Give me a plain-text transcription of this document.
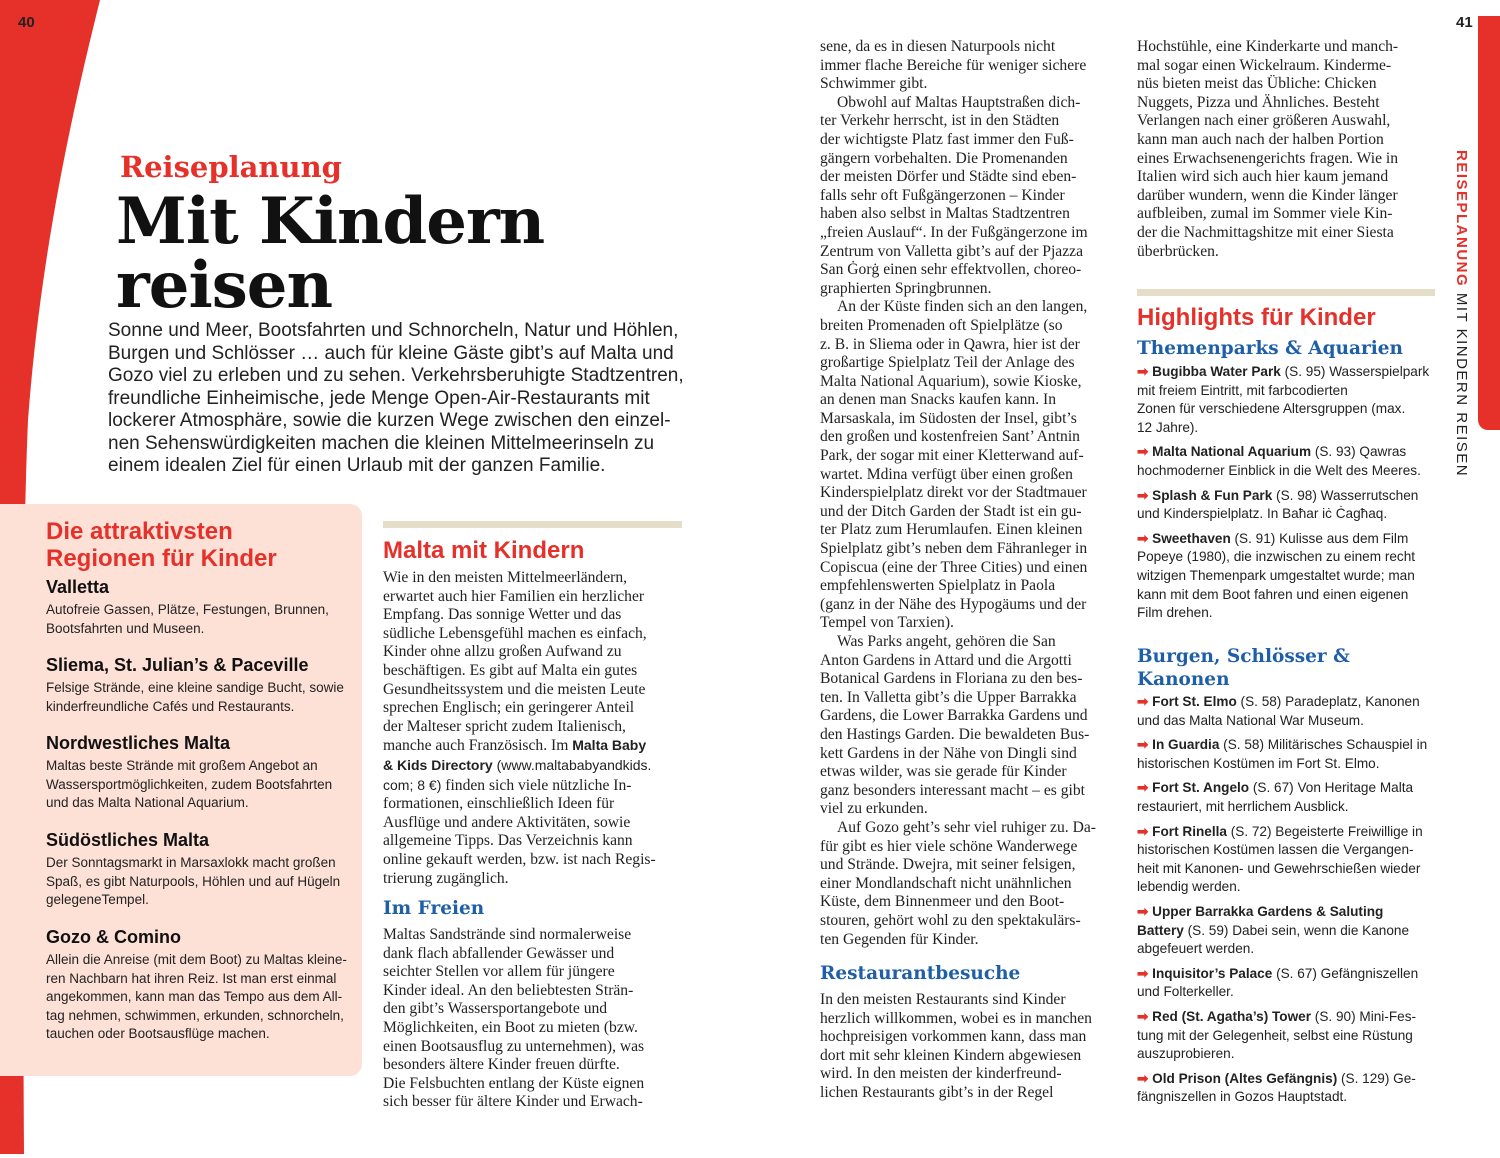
40	41
Reiseplanung
Mit Kindern
reisen
Sonne und Meer, Bootsfahrten und Schnorcheln, Natur und Höhlen,
Burgen und Schlösser … auch für kleine Gäste gibt’s auf Malta und
Gozo viel zu erleben und zu sehen. Verkehrsberuhigte Stadtzentren,
freundliche Einheimische, jede Menge Open-Air-Restaurants mit
lockerer Atmosphäre, sowie die kurzen Wege zwischen den einzel-
nen Sehenswürdigkeiten machen die kleinen Mittelmeerinseln zu
einem idealen Ziel für einen Urlaub mit der ganzen Familie.
Die attraktivsten
Regionen für Kinder
Valletta
Autofreie Gassen, Plätze, Festungen, Brunnen,
Bootsfahrten und Museen.
Sliema, St. Julian’s & Paceville
Felsige Strände, eine kleine sandige Bucht, sowie
kinderfreundliche Cafés und Restaurants.
Nordwestliches Malta
Maltas beste Strände mit großem Angebot an
Wassersportmöglichkeiten, zudem Bootsfahrten
und das Malta National Aquarium.
Südöstliches Malta
Der Sonntagsmarkt in Marsaxlokk macht großen
Spaß, es gibt Naturpools, Höhlen und auf Hügeln
gelegeneTempel.
Gozo & Comino
Allein die Anreise (mit dem Boot) zu Maltas kleine-
ren Nachbarn hat ihren Reiz. Ist man erst einmal
angekommen, kann man das Tempo aus dem All-
tag nehmen, schwimmen, erkunden, schnorcheln,
tauchen oder Bootsausflüge machen.
Malta mit Kindern
Wie in den meisten Mittelmeerländern,
erwartet auch hier Familien ein herzlicher
Empfang. Das sonnige Wetter und das
südliche Lebensgefühl machen es einfach,
Kinder ohne allzu großen Aufwand zu
beschäftigen. Es gibt auf Malta ein gutes
Gesundheitssystem und die meisten Leute
sprechen Englisch; ein geringerer Anteil
der Malteser spricht zudem Italienisch,
manche auch Französisch. Im Malta Baby
& Kids Directory (www.maltababyandkids.
com; 8 €) finden sich viele nützliche In-
formationen, einschließlich Ideen für
Ausflüge und andere Aktivitäten, sowie
allgemeine Tipps. Das Verzeichnis kann
online gekauft werden, bzw. ist nach Regis-
trierung zugänglich.
Im Freien
Maltas Sandstrände sind normalerweise
dank flach abfallender Gewässer und
seichter Stellen vor allem für jüngere
Kinder ideal. An den beliebtesten Strän-
den gibt’s Wassersportangebote und
Möglichkeiten, ein Boot zu mieten (bzw.
einen Bootsausflug zu unternehmen), was
besonders ältere Kinder freuen dürfte.
Die Felsbuchten entlang der Küste eignen
sich besser für ältere Kinder und Erwach-
sene, da es in diesen Naturpools nicht
immer flache Bereiche für weniger sichere
Schwimmer gibt.
Obwohl auf Maltas Hauptstraßen dich-
ter Verkehr herrscht, ist in den Städten
der wichtigste Platz fast immer den Fuß-
gängern vorbehalten. Die Promenanden
der meisten Dörfer und Städte sind eben-
falls sehr oft Fußgängerzonen – Kinder
haben also selbst in Maltas Stadtzentren
„freien Auslauf“. In der Fußgängerzone im
Zentrum von Valletta gibt’s auf der Pjazza
San Ġorġ einen sehr effektvollen, choreo-
graphierten Springbrunnen.
An der Küste finden sich an den langen,
breiten Promenaden oft Spielplätze (so
z. B. in Sliema oder in Qawra, hier ist der
großartige Spielplatz Teil der Anlage des
Malta National Aquarium), sowie Kioske,
an denen man Snacks kaufen kann. In
Marsaskala, im Südosten der Insel, gibt’s
den großen und kostenfreien Sant’ Antnin
Park, der sogar mit einer Kletterwand auf-
wartet. Mdina verfügt über einen großen
Kinderspielplatz direkt vor der Stadtmauer
und der Ditch Garden der Stadt ist ein gu-
ter Platz zum Herumlaufen. Einen kleinen
Spielplatz gibt’s neben dem Fähranleger in
Copiscua (eine der Three Cities) und einen
empfehlenswerten Spielplatz in Paola
(ganz in der Nähe des Hypogäums und der
Tempel von Tarxien).
Was Parks angeht, gehören die San
Anton Gardens in Attard und die Argotti
Botanical Gardens in Floriana zu den bes-
ten. In Valletta gibt’s die Upper Barrakka
Gardens, die Lower Barrakka Gardens und
den Hastings Garden. Die bewaldeten Bus-
kett Gardens in der Nähe von Dingli sind
etwas wilder, was sie gerade für Kinder
ganz besonders interessant macht – es gibt
viel zu erkunden.
Auf Gozo geht’s sehr viel ruhiger zu. Da-
für gibt es hier viele schöne Wanderwege
und Strände. Dwejra, mit seiner felsigen,
einer Mondlandschaft nicht unähnlichen
Küste, dem Binnenmeer und den Boot-
stouren, gehört wohl zu den spektakulärs-
ten Gegenden für Kinder.
Restaurantbesuche
In den meisten Restaurants sind Kinder
herzlich willkommen, wobei es in manchen
hochpreisigen vorkommen kann, dass man
dort mit sehr kleinen Kindern abgewiesen
wird. In den meisten der kinderfreund-
lichen Restaurants gibt’s in der Regel
Hochstühle, eine Kinderkarte und manch-
mal sogar einen Wickelraum. Kinderme-
nüs bieten meist das Übliche: Chicken
Nuggets, Pizza und Ähnliches. Besteht
Verlangen nach einer größeren Auswahl,
kann man auch nach der halben Portion
eines Erwachsenengerichts fragen. Wie in
Italien wird sich auch hier kaum jemand
darüber wundern, wenn die Kinder länger
aufbleiben, zumal im Sommer viele Kin-
der die Nachmittagshitze mit einer Siesta
überbrücken.
Highlights für Kinder
Themenparks & Aquarien
➡ Bugibba Water Park (S. 95) Wasserspielpark
mit freiem Eintritt, mit farbcodierten
Zonen für verschiedene Altersgruppen (max.
12 Jahre).
➡ Malta National Aquarium (S. 93) Qawras
hochmoderner Einblick in die Welt des Meeres.
➡ Splash & Fun Park (S. 98) Wasserrutschen
und Kinderspielplatz. In Baħar iċ Ċagħaq.
➡ Sweethaven (S. 91) Kulisse aus dem Film
Popeye (1980), die inzwischen zu einem recht
witzigen Themenpark umgestaltet wurde; man
kann mit dem Boot fahren und einen eigenen
Film drehen.
Burgen, Schlösser &
Kanonen
➡ Fort St. Elmo (S. 58) Paradeplatz, Kanonen
und das Malta National War Museum.
➡ In Guardia (S. 58) Militärisches Schauspiel in
historischen Kostümen im Fort St. Elmo.
➡ Fort St. Angelo (S. 67) Von Heritage Malta
restauriert, mit herrlichem Ausblick.
➡ Fort Rinella (S. 72) Begeisterte Freiwillige in
historischen Kostümen lassen die Vergangen-
heit mit Kanonen- und Gewehrschießen wieder
lebendig werden.
➡ Upper Barrakka Gardens & Saluting
Battery (S. 59) Dabei sein, wenn die Kanone
abgefeuert werden.
➡ Inquisitor’s Palace (S. 67) Gefängniszellen
und Folterkeller.
➡ Red (St. Agatha’s) Tower (S. 90) Mini-Fes-
tung mit der Gelegenheit, selbst eine Rüstung
auszuprobieren.
➡ Old Prison (Altes Gefängnis) (S. 129) Ge-
fängniszellen in Gozos Hauptstadt.
REISEPLANUNG MIT KINDERN REISEN
